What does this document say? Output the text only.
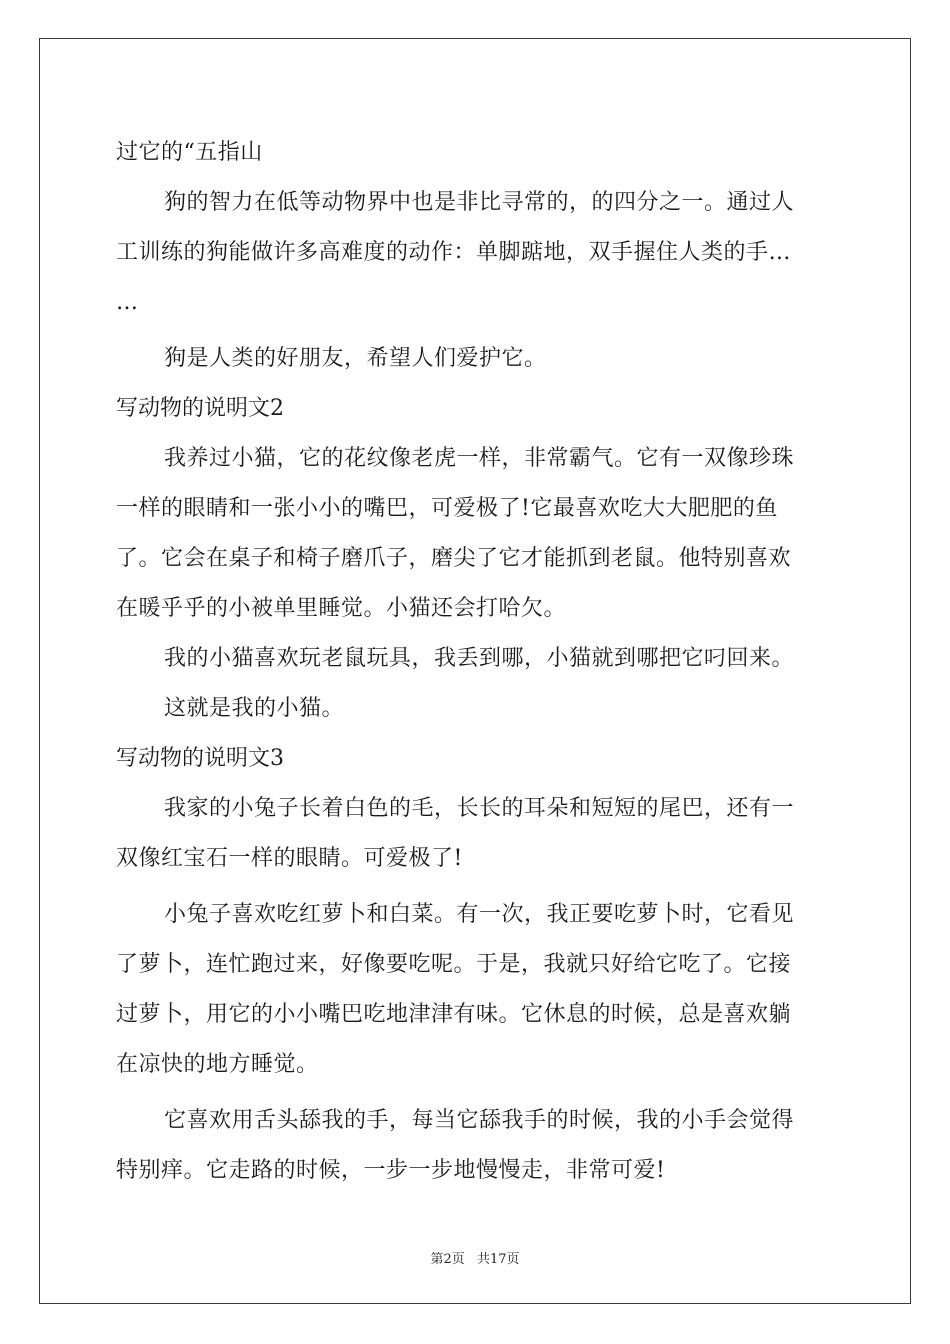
过它的“五指山
狗的智力在低等动物界中也是非比寻常的，的四分之一。通过人
工训练的狗能做许多高难度的动作：单脚踮地，双手握住人类的手…
…
狗是人类的好朋友，希望人们爱护它。
写动物的说明文2
我养过小猫，它的花纹像老虎一样，非常霸气。它有一双像珍珠
一样的眼睛和一张小小的嘴巴，可爱极了!它最喜欢吃大大肥肥的鱼
了。它会在桌子和椅子磨爪子，磨尖了它才能抓到老鼠。他特别喜欢
在暖乎乎的小被单里睡觉。小猫还会打哈欠。
我的小猫喜欢玩老鼠玩具，我丢到哪，小猫就到哪把它叼回来。
这就是我的小猫。
写动物的说明文3
我家的小兔子长着白色的毛，长长的耳朵和短短的尾巴，还有一
双像红宝石一样的眼睛。可爱极了!
小兔子喜欢吃红萝卜和白菜。有一次，我正要吃萝卜时，它看见
了萝卜，连忙跑过来，好像要吃呢。于是，我就只好给它吃了。它接
过萝卜，用它的小小嘴巴吃地津津有味。它休息的时候，总是喜欢躺
在凉快的地方睡觉。
它喜欢用舌头舔我的手，每当它舔我手的时候，我的小手会觉得
特别痒。它走路的时候，一步一步地慢慢走，非常可爱!
第2页 共17页
